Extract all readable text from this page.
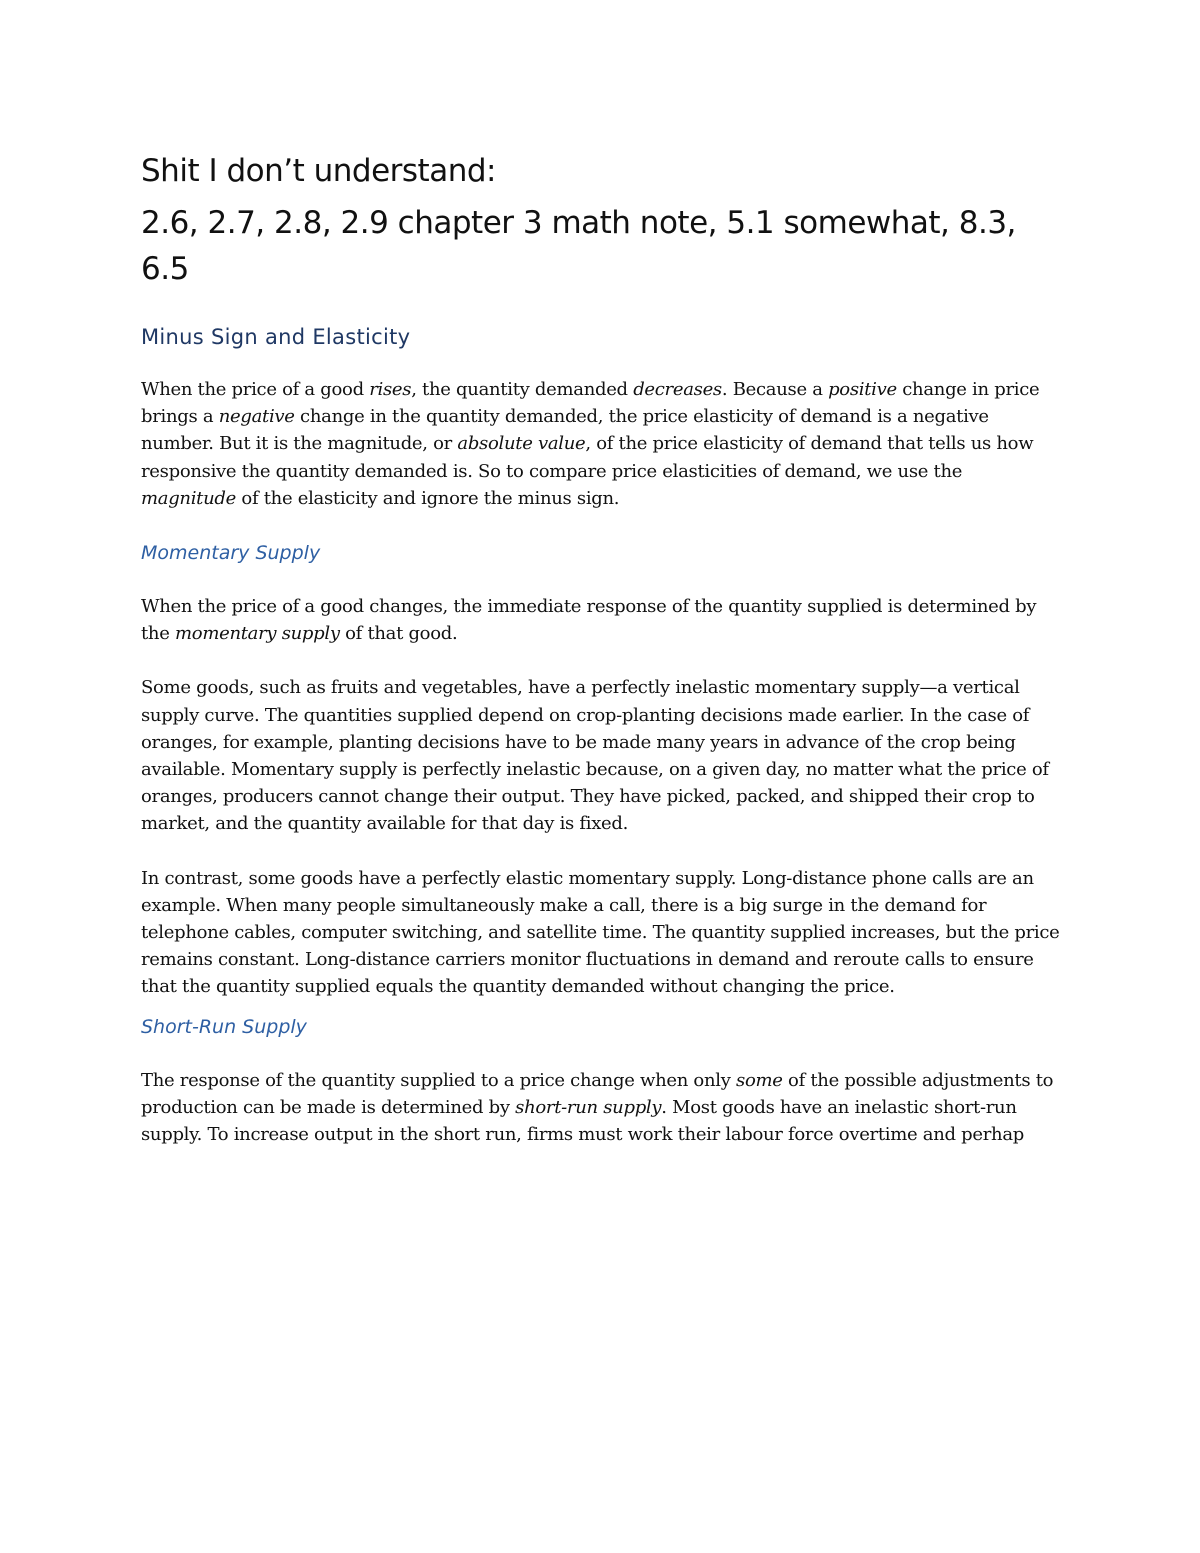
Shit I don’t understand:
2.6, 2.7, 2.8, 2.9 chapter 3 math note, 5.1 somewhat, 8.3, 6.5
Minus Sign and Elasticity

When the price of a good rises, the quantity demanded decreases. Because a positive change in price brings a negative change in the quantity demanded, the price elasticity of demand is a negative number. But it is the magnitude, or absolute value, of the price elasticity of demand that tells us how responsive the quantity demanded is. So to compare price elasticities of demand, we use the magnitude of the elasticity and ignore the minus sign.

Momentary Supply

When the price of a good changes, the immediate response of the quantity supplied is determined by the momentary supply of that good.

Some goods, such as fruits and vegetables, have a perfectly inelastic momentary supply—a vertical supply curve. The quantities supplied depend on crop-planting decisions made earlier. In the case of oranges, for example, planting decisions have to be made many years in advance of the crop being available. Momentary supply is perfectly inelastic because, on a given day, no matter what the price of oranges, producers cannot change their output. They have picked, packed, and shipped their crop to market, and the quantity available for that day is fixed.

In contrast, some goods have a perfectly elastic momentary supply. Long-distance phone calls are an example. When many people simultaneously make a call, there is a big surge in the demand for telephone cables, computer switching, and satellite time. The quantity supplied increases, but the price remains constant. Long-distance carriers monitor fluctuations in demand and reroute calls to ensure that the quantity supplied equals the quantity demanded without changing the price.

Short-Run Supply

The response of the quantity supplied to a price change when only some of the possible adjustments to production can be made is determined by short-run supply. Most goods have an inelastic short-run supply. To increase output in the short run, firms must work their labour force overtime and perhap
